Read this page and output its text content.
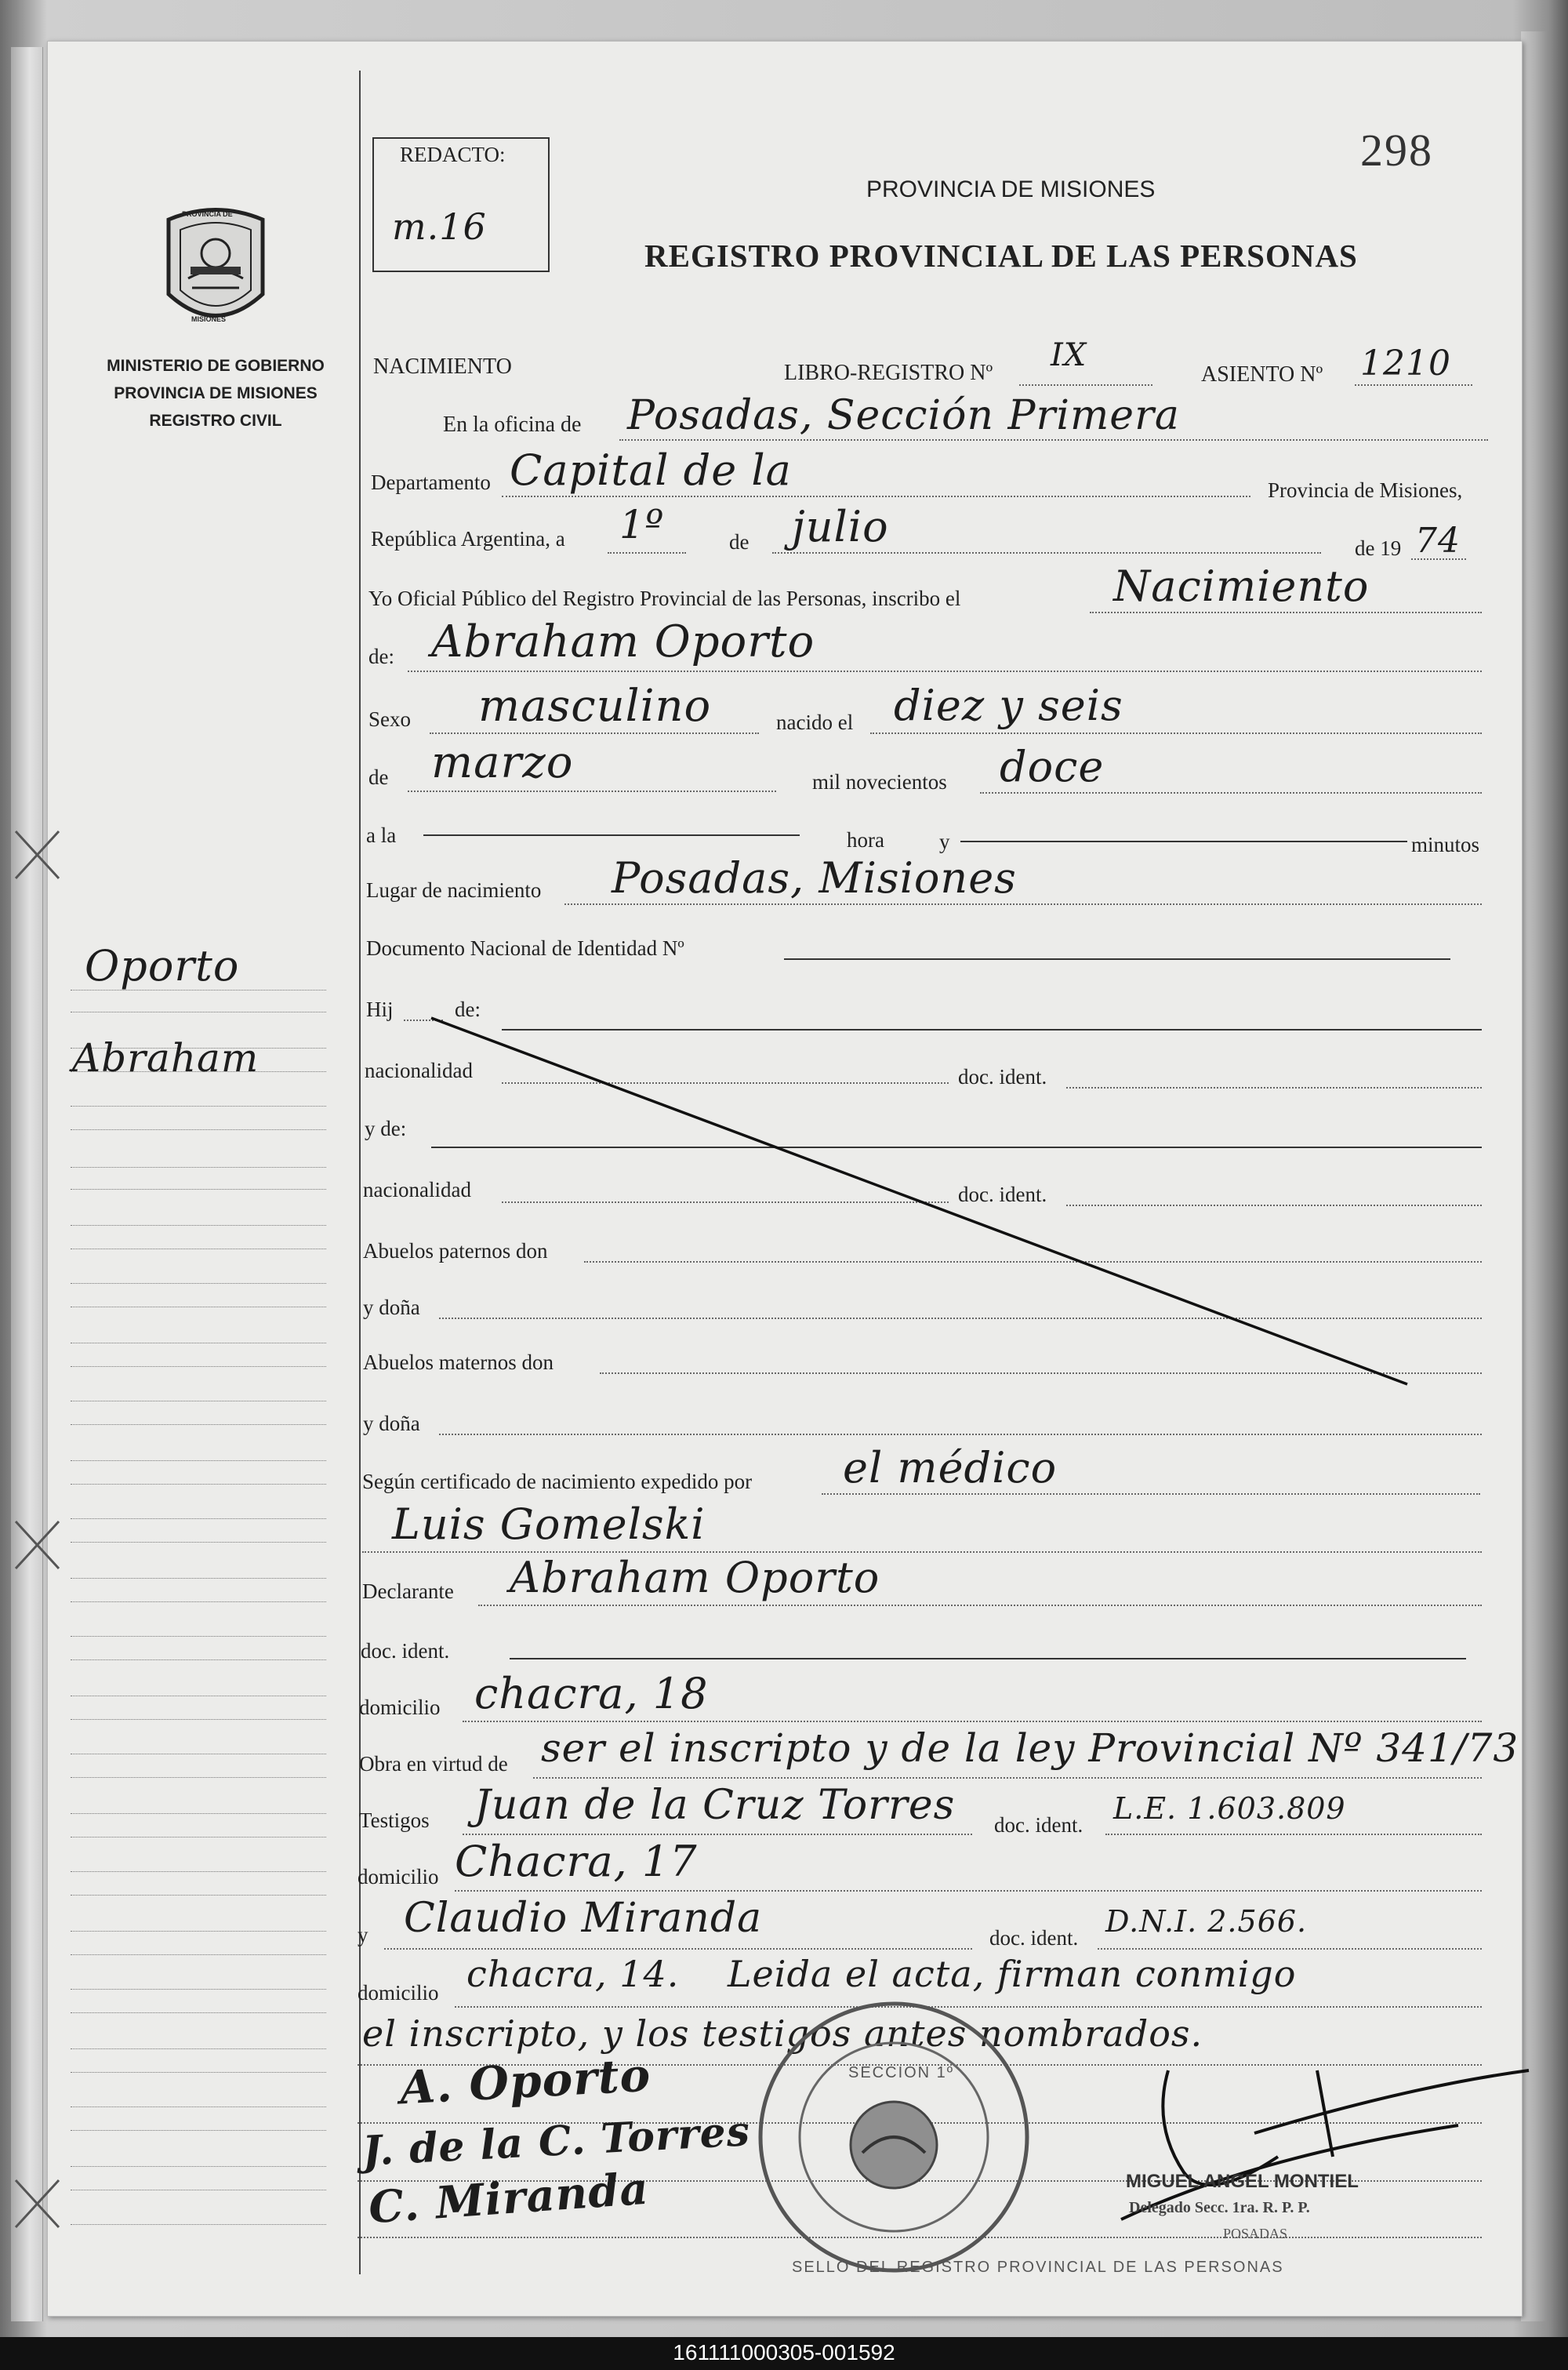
PROVINCIA DE
MISIONES
MINISTERIO DE GOBIERNO
PROVINCIA DE MISIONES
REGISTRO CIVIL
Oporto
Abraham
REDACTO:
m.16
298
PROVINCIA DE MISIONES
REGISTRO PROVINCIAL DE LAS PERSONAS
NACIMIENTO	LIBRO-REGISTRO Nº IX
ASIENTO Nº 1210
En la oficina de Posadas, Sección Primera
Departamento Capital de la	Provincia de Misiones,
República Argentina, a 1º	de julio	de 19 74
Yo Oficial Público del Registro Provincial de las Personas, inscribo el	Nacimiento
de: Abraham Oporto
Sexo masculino	nacido el diez y seis
de marzo	mil novecientos doce
a la	hora	y	minutos
Lugar de nacimiento Posadas, Misiones
Documento Nacional de Identidad Nº
Hij	de:
nacionalidad	doc. ident.
y de:
nacionalidad	doc. ident.
Abuelos paternos don
y doña
Abuelos maternos don
y doña
Según certificado de nacimiento expedido por el médico
Luis Gomelski
Declarante Abraham Oporto
doc. ident.
domicilio chacra, 18
Obra en virtud de ser el inscripto y de la ley Provincial Nº 341/73
Testigos Juan de la Cruz Torres doc. ident. L.E. 1.603.809
domicilio Chacra, 17
y Claudio Miranda	doc. ident. D.N.I. 2.566.
domicilio chacra, 14. Leida el acta, firman conmigo
el inscripto, y los testigos antes nombrados.
A. Oporto
J. de la C. Torres
C. Miranda
SELLO DEL REGISTRO PROVINCIAL DE LAS PERSONAS
SECCION 1º
MIGUEL ANGEL MONTIEL
Delegado Secc. 1ra. R. P. P.
POSADAS
161111000305-001592
